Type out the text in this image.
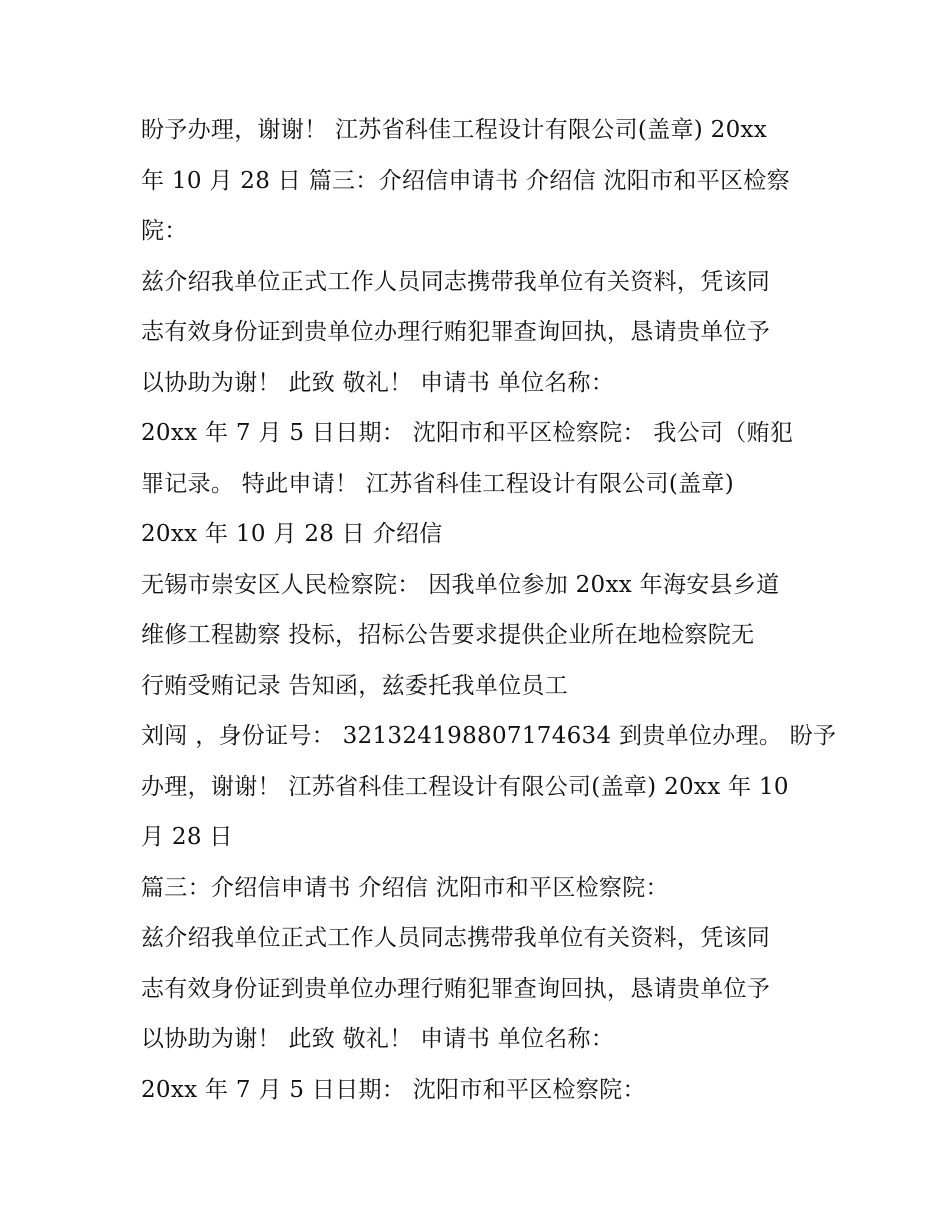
盼予办理，谢谢！ 江苏省科佳工程设计有限公司(盖章) 20xx
年 10 月 28 日 篇三：介绍信申请书 介绍信 沈阳市和平区检察
院：
兹介绍我单位正式工作人员同志携带我单位有关资料，凭该同
志有效身份证到贵单位办理行贿犯罪查询回执，恳请贵单位予
以协助为谢！ 此致 敬礼！ 申请书 单位名称：
20xx 年 7 月 5 日日期： 沈阳市和平区检察院： 我公司（贿犯
罪记录。 特此申请！ 江苏省科佳工程设计有限公司(盖章)
20xx 年 10 月 28 日 介绍信
无锡市崇安区人民检察院： 因我单位参加 20xx 年海安县乡道
维修工程勘察 投标，招标公告要求提供企业所在地检察院无
行贿受贿记录 告知函，兹委托我单位员工
刘闯 ，身份证号： 321324198807174634 到贵单位办理。 盼予
办理，谢谢！ 江苏省科佳工程设计有限公司(盖章) 20xx 年 10
月 28 日
篇三：介绍信申请书 介绍信 沈阳市和平区检察院：
兹介绍我单位正式工作人员同志携带我单位有关资料，凭该同
志有效身份证到贵单位办理行贿犯罪查询回执，恳请贵单位予
以协助为谢！ 此致 敬礼！ 申请书 单位名称：
20xx 年 7 月 5 日日期： 沈阳市和平区检察院：
